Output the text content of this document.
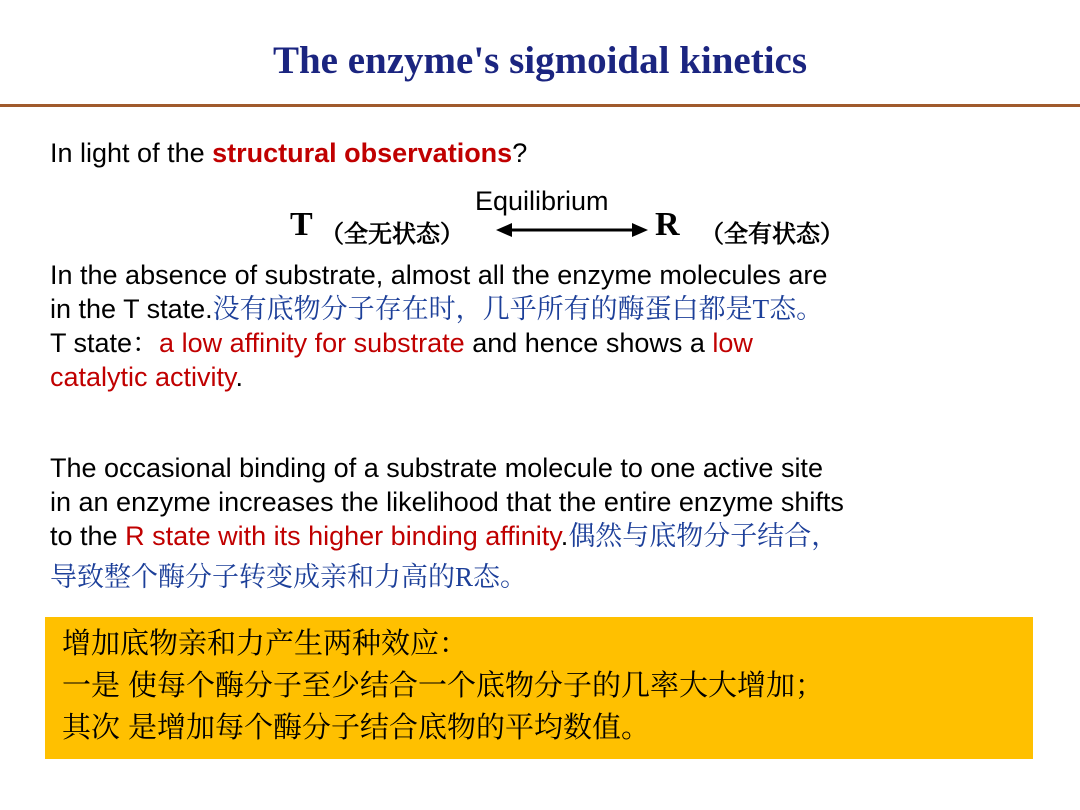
The enzyme's sigmoidal kinetics
In light of the structural observations?
T （全无状态）
Equilibrium
R （全有状态）
In the absence of substrate, almost all the enzyme molecules are
in the T state.没有底物分子存在时，几乎所有的酶蛋白都是T态。
T state：a low affinity for substrate and hence shows a low
catalytic activity.
The occasional binding of a substrate molecule to one active site
in an enzyme increases the likelihood that the entire enzyme shifts
to the R state with its higher binding affinity.偶然与底物分子结合，
导致整个酶分子转变成亲和力高的R态。
增加底物亲和力产生两种效应：
一是 使每个酶分子至少结合一个底物分子的几率大大增加；
其次 是增加每个酶分子结合底物的平均数值。
